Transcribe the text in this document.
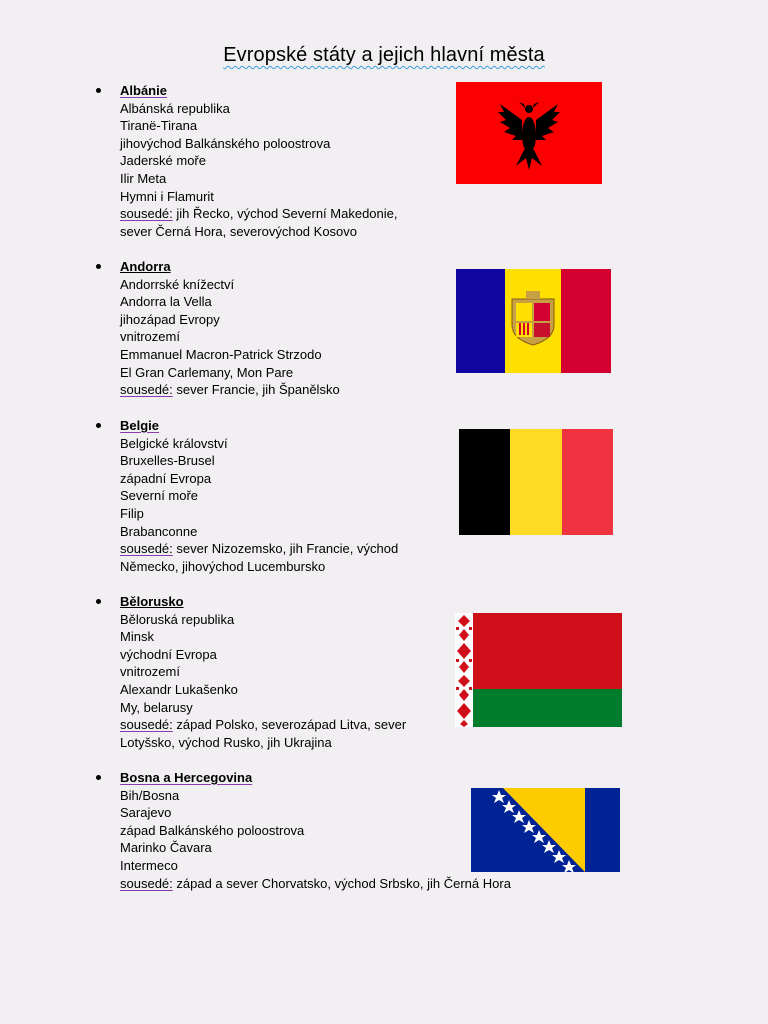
Evropské státy a jejich hlavní města
Albánie
Albánská republika
Tiranë-Tirana
jihovýchod Balkánského poloostrova
Jaderské moře
Ilir Meta
Hymni i Flamurit
sousedé: jih Řecko, východ Severní Makedonie,
sever Černá Hora, severovýchod Kosovo
Andorra
Andorrské knížectví
Andorra la Vella
jihozápad Evropy
vnitrozemí
Emmanuel Macron-Patrick Strzodo
El Gran Carlemany, Mon Pare
sousedé: sever Francie, jih Španělsko
Belgie
Belgické království
Bruxelles-Brusel
západní Evropa
Severní moře
Filip
Brabanconne
sousedé: sever Nizozemsko, jih Francie, východ
Německo, jihovýchod Lucembursko
Bělorusko
Běloruská republika
Minsk
východní Evropa
vnitrozemí
Alexandr Lukašenko
My, belarusy
sousedé: západ Polsko, severozápad Litva, sever
Lotyšsko, východ Rusko, jih Ukrajina
Bosna a Hercegovina
Bih/Bosna
Sarajevo
západ Balkánského poloostrova
Marinko Čavara
Intermeco
sousedé: západ a sever Chorvatsko, východ Srbsko, jih Černá Hora
